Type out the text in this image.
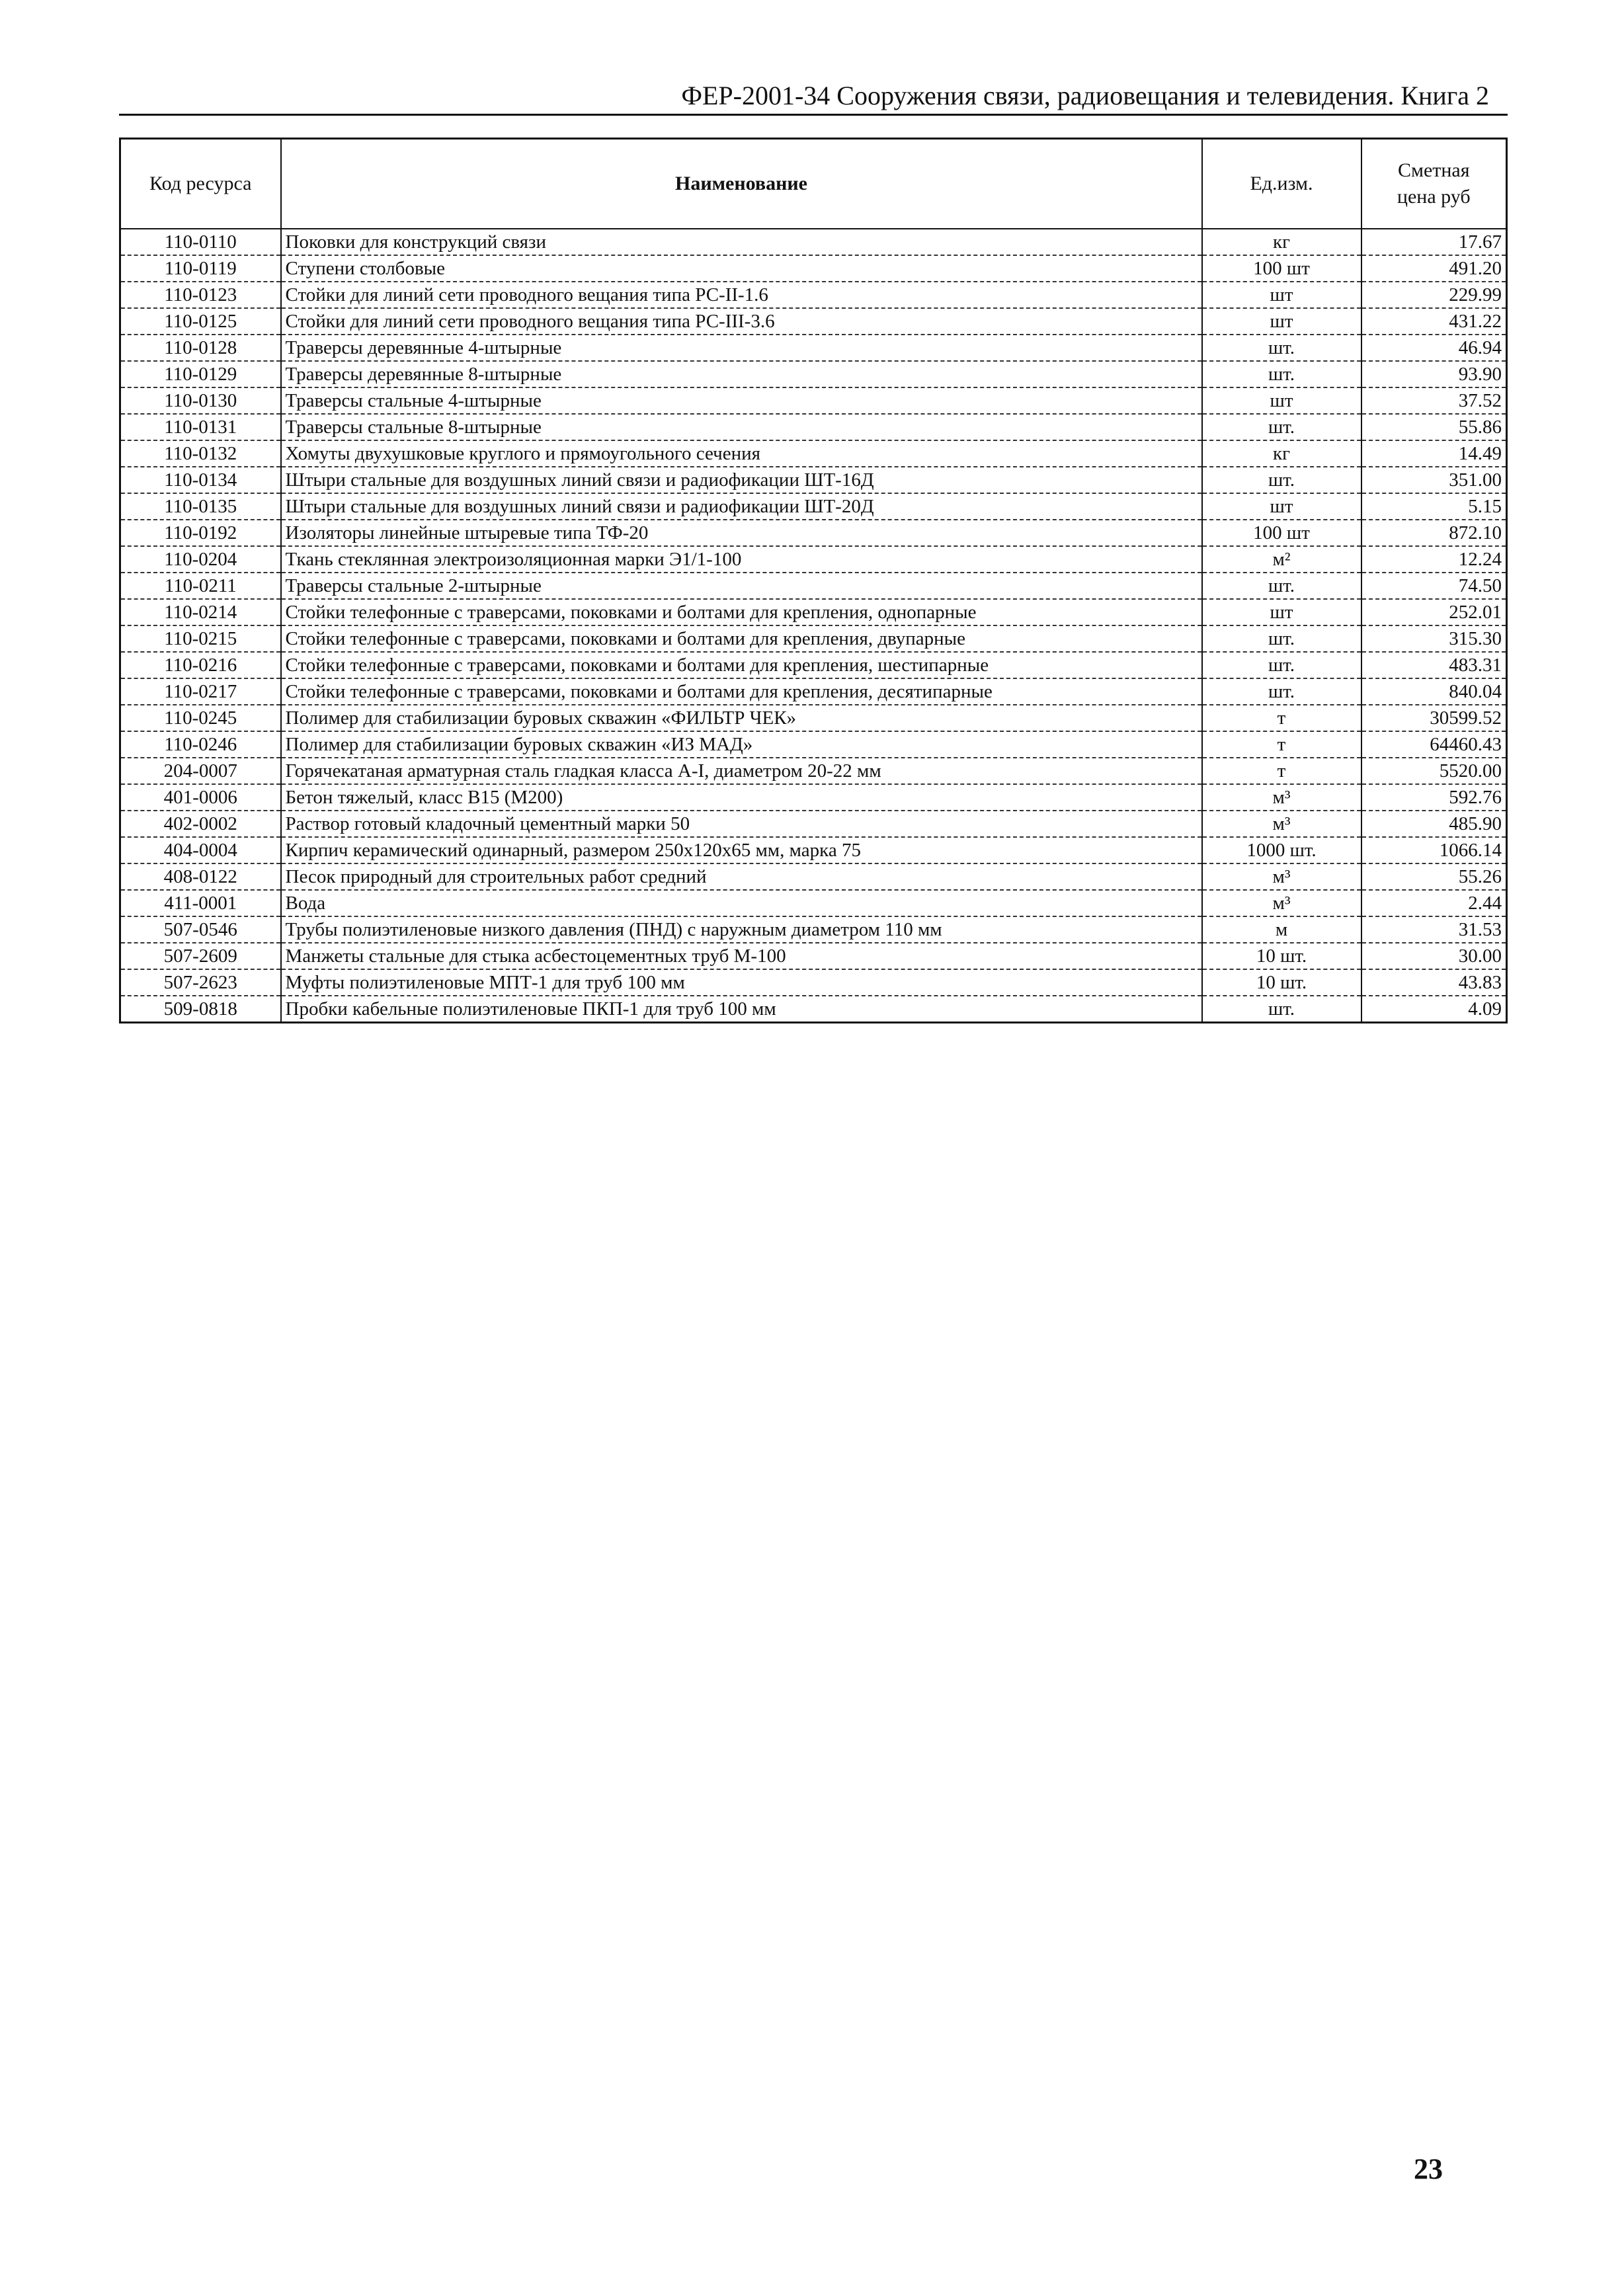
ФЕР-2001-34 Сооружения связи, радиовещания и телевидения. Книга 2
Код ресурса	Наименование	Ед.изм.	Сметная цена руб
110-0110	Поковки для конструкций связи	кг	17.67
110-0119	Ступени столбовые	100 шт	491.20
110-0123	Стойки для линий сети проводного вещания типа РС-II-1.6	шт	229.99
110-0125	Стойки для линий сети проводного вещания типа РС-III-3.6	шт	431.22
110-0128	Траверсы деревянные 4-штырные	шт.	46.94
110-0129	Траверсы деревянные 8-штырные	шт.	93.90
110-0130	Траверсы стальные 4-штырные	шт	37.52
110-0131	Траверсы стальные 8-штырные	шт.	55.86
110-0132	Хомуты двухушковые круглого и прямоугольного сечения	кг	14.49
110-0134	Штыри стальные для воздушных линий связи и радиофикации ШТ-16Д	шт.	351.00
110-0135	Штыри стальные для воздушных линий связи и радиофикации ШТ-20Д	шт	5.15
110-0192	Изоляторы линейные штыревые типа ТФ-20	100 шт	872.10
110-0204	Ткань стеклянная электроизоляционная марки Э1/1-100	м²	12.24
110-0211	Траверсы стальные 2-штырные	шт.	74.50
110-0214	Стойки телефонные с траверсами, поковками и болтами для крепления, однопарные	шт	252.01
110-0215	Стойки телефонные с траверсами, поковками и болтами для крепления, двупарные	шт.	315.30
110-0216	Стойки телефонные с траверсами, поковками и болтами для крепления, шестипарные	шт.	483.31
110-0217	Стойки телефонные с траверсами, поковками и болтами для крепления, десятипарные	шт.	840.04
110-0245	Полимер для стабилизации буровых скважин «ФИЛЬТР ЧЕК»	т	30599.52
110-0246	Полимер для стабилизации буровых скважин «ИЗ МАД»	т	64460.43
204-0007	Горячекатаная арматурная сталь гладкая класса А-I, диаметром 20-22 мм	т	5520.00
401-0006	Бетон тяжелый, класс В15 (М200)	м³	592.76
402-0002	Раствор готовый кладочный цементный марки 50	м³	485.90
404-0004	Кирпич керамический одинарный, размером 250х120х65 мм, марка 75	1000 шт.	1066.14
408-0122	Песок природный для строительных работ средний	м³	55.26
411-0001	Вода	м³	2.44
507-0546	Трубы полиэтиленовые низкого давления (ПНД) с наружным диаметром 110 мм	м	31.53
507-2609	Манжеты стальные для стыка асбестоцементных труб М-100	10 шт.	30.00
507-2623	Муфты полиэтиленовые МПТ-1 для труб 100 мм	10 шт.	43.83
509-0818	Пробки кабельные полиэтиленовые ПКП-1 для труб 100 мм	шт.	4.09
23
